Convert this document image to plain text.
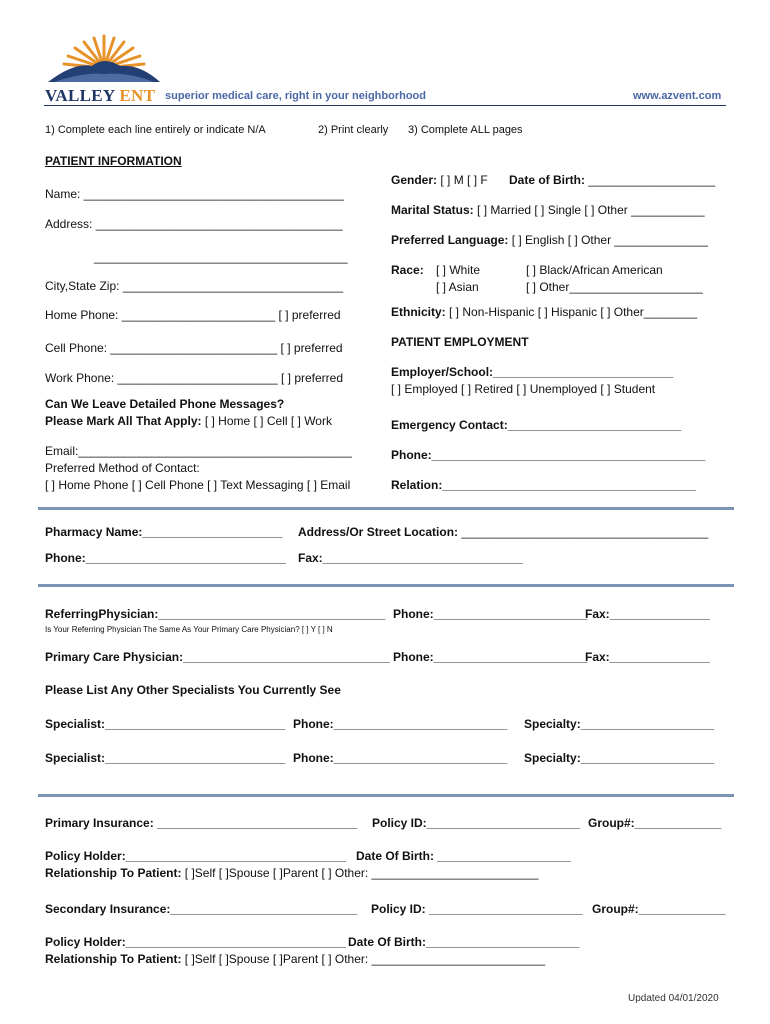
VALLEY ENT superior medical care, right in your neighborhood	www.azvent.com
1) Complete each line entirely or indicate N/A	2) Print clearly 3) Complete ALL pages
PATIENT INFORMATION
Name: _______________________________________
Address: _____________________________________
______________________________________
City,State Zip: _________________________________
Home Phone: _______________________ [ ] preferred
Cell Phone: _________________________ [ ] preferred
Work Phone: ________________________ [ ] preferred
Can We Leave Detailed Phone Messages?
Please Mark All That Apply: [ ] Home [ ] Cell [ ] Work
Email:_________________________________________
Preferred Method of Contact:
[ ] Home Phone [ ] Cell Phone [ ] Text Messaging [ ] Email
Gender: [ ] M [ ] F Date of Birth: ___________________
Marital Status: [ ] Married [ ] Single [ ] Other ___________
Preferred Language: [ ] English [ ] Other ______________
Race: [ ] White
[ ] Asian
[ ] Black/African American
[ ] Other____________________
Ethnicity: [ ] Non-Hispanic [ ] Hispanic [ ] Other________
PATIENT EMPLOYMENT
Employer/School:___________________________
[ ] Employed [ ] Retired [ ] Unemployed [ ] Student
Emergency Contact:__________________________
Phone:_________________________________________
Relation:______________________________________
Pharmacy Name:_____________________ Address/Or Street Location: _____________________________________
Phone:______________________________ Fax:______________________________
ReferringPhysician:__________________________________ Phone:_______________________
Fax:_______________
Is Your Referring Physician The Same As Your Primary Care Physician? [ ] Y [ ] N
Primary Care Physician:_______________________________ Phone:_______________________
Fax:_______________
Please List Any Other Specialists You Currently See
Specialist:___________________________ Phone:__________________________ Specialty:____________________
Specialist:___________________________ Phone:__________________________ Specialty:____________________
Primary Insurance: ______________________________ Policy ID:_______________________ Group#:_____________
Policy Holder:_________________________________ Date Of Birth: ____________________
Relationship To Patient: [ ]Self [ ]Spouse [ ]Parent [ ] Other: _________________________
Secondary Insurance:____________________________ Policy ID: _______________________ Group#:_____________
Policy Holder:_________________________________ Date Of Birth:_______________________
Relationship To Patient: [ ]Self [ ]Spouse [ ]Parent [ ] Other: __________________________
Updated 04/01/2020
